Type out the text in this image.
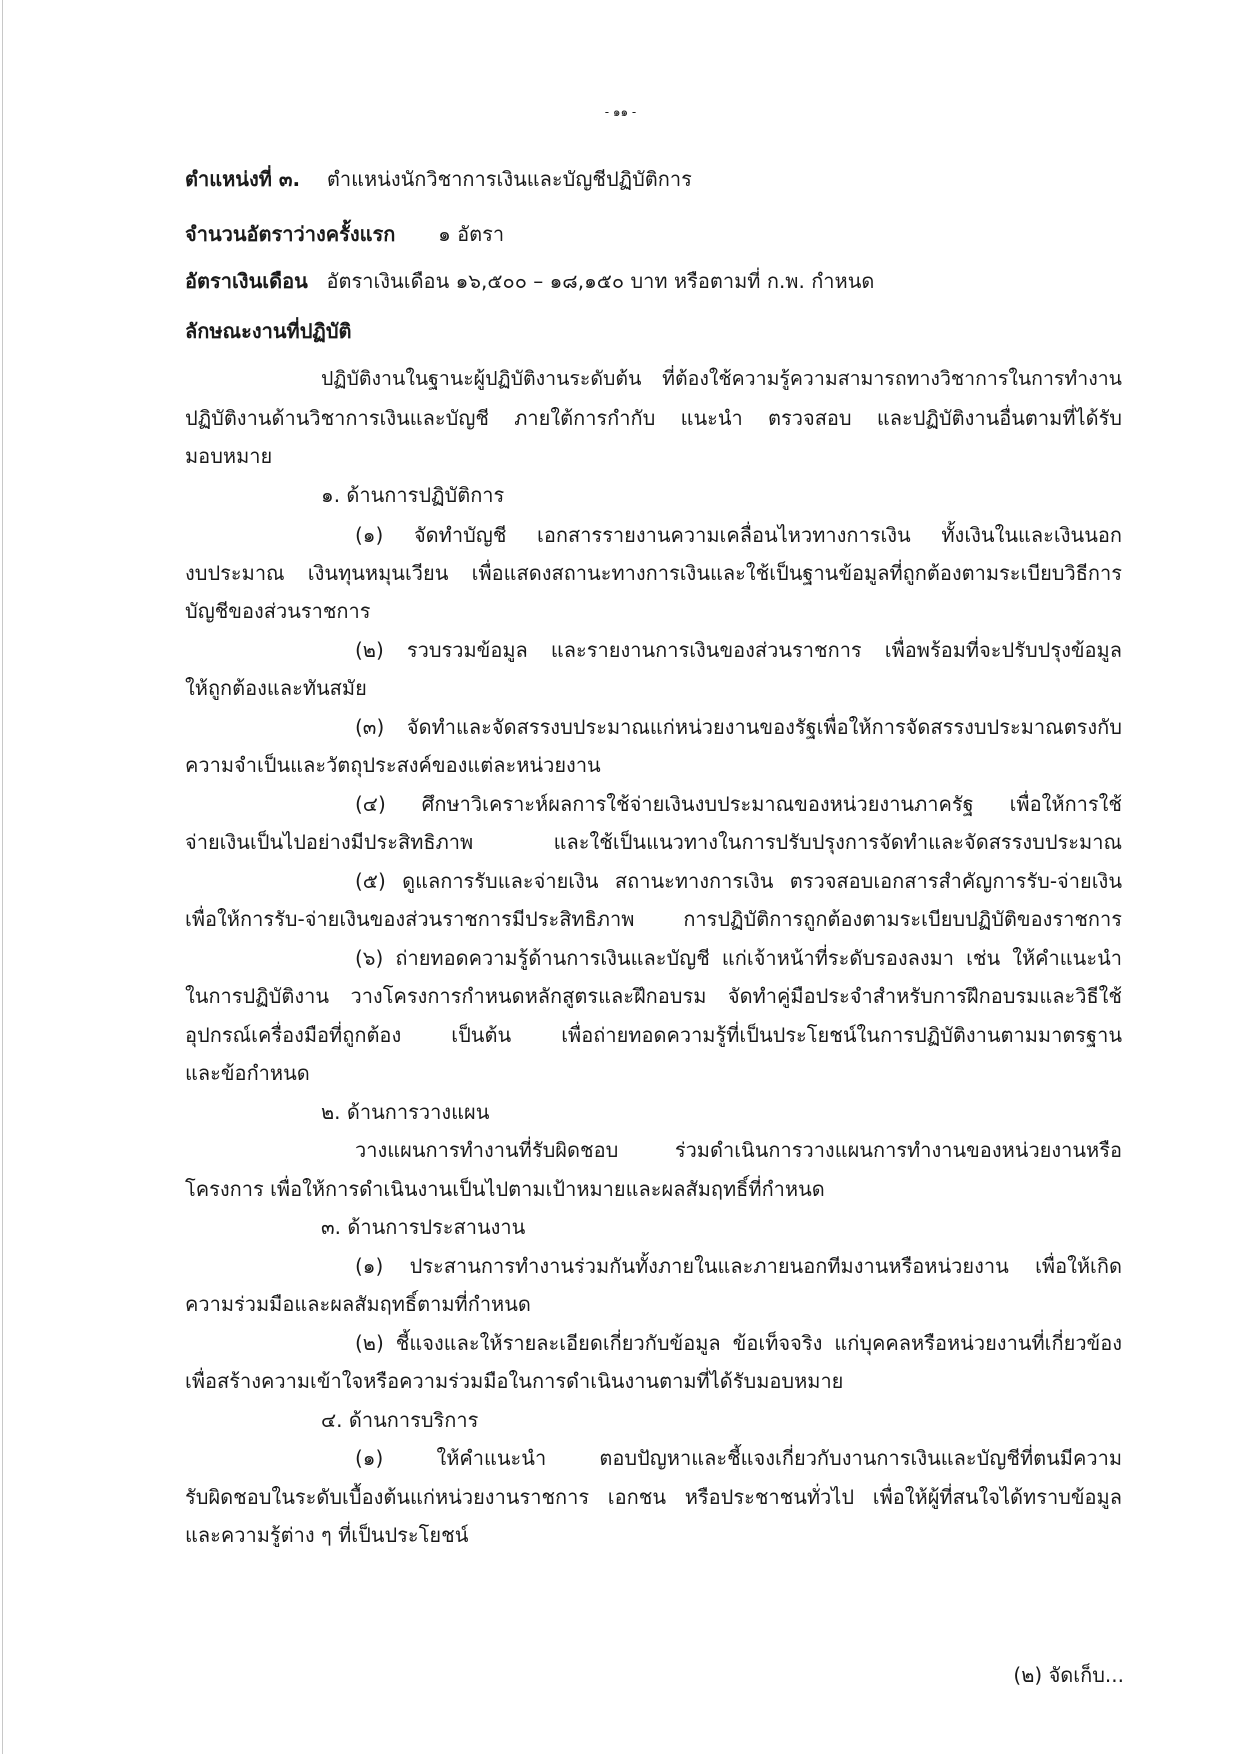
- ๑๑ -
ตำแหน่งที่ ๓. ตำแหน่งนักวิชาการเงินและบัญชีปฏิบัติการ
จำนวนอัตราว่างครั้งแรก ๑ อัตรา
อัตราเงินเดือน อัตราเงินเดือน ๑๖,๕๐๐ – ๑๘,๑๕๐ บาท หรือตามที่ ก.พ. กำหนด
ลักษณะงานที่ปฏิบัติ
ปฏิบัติงานในฐานะผู้ปฏิบัติงานระดับต้น ที่ต้องใช้ความรู้ความสามารถทางวิชาการในการทำงาน
ปฏิบัติงานด้านวิชาการเงินและบัญชี ภายใต้การกำกับ แนะนำ ตรวจสอบ และปฏิบัติงานอื่นตามที่ได้รับ
มอบหมาย
๑. ด้านการปฏิบัติการ
(๑) จัดทำบัญชี เอกสารรายงานความเคลื่อนไหวทางการเงิน ทั้งเงินในและเงินนอก
งบประมาณ เงินทุนหมุนเวียน เพื่อแสดงสถานะทางการเงินและใช้เป็นฐานข้อมูลที่ถูกต้องตามระเบียบวิธีการ
บัญชีของส่วนราชการ
(๒) รวบรวมข้อมูล และรายงานการเงินของส่วนราชการ เพื่อพร้อมที่จะปรับปรุงข้อมูล
ให้ถูกต้องและทันสมัย
(๓) จัดทำและจัดสรรงบประมาณแก่หน่วยงานของรัฐเพื่อให้การจัดสรรงบประมาณตรงกับ
ความจำเป็นและวัตถุประสงค์ของแต่ละหน่วยงาน
(๔) ศึกษาวิเคราะห์ผลการใช้จ่ายเงินงบประมาณของหน่วยงานภาครัฐ เพื่อให้การใช้
จ่ายเงินเป็นไปอย่างมีประสิทธิภาพ และใช้เป็นแนวทางในการปรับปรุงการจัดทำและจัดสรรงบประมาณ
(๕) ดูแลการรับและจ่ายเงิน สถานะทางการเงิน ตรวจสอบเอกสารสำคัญการรับ-จ่ายเงิน
เพื่อให้การรับ-จ่ายเงินของส่วนราชการมีประสิทธิภาพ การปฏิบัติการถูกต้องตามระเบียบปฏิบัติของราชการ
(๖) ถ่ายทอดความรู้ด้านการเงินและบัญชี แก่เจ้าหน้าที่ระดับรองลงมา เช่น ให้คำแนะนำ
ในการปฏิบัติงาน วางโครงการกำหนดหลักสูตรและฝึกอบรม จัดทำคู่มือประจำสำหรับการฝึกอบรมและวิธีใช้
อุปกรณ์เครื่องมือที่ถูกต้อง เป็นต้น เพื่อถ่ายทอดความรู้ที่เป็นประโยชน์ในการปฏิบัติงานตามมาตรฐาน
และข้อกำหนด
๒. ด้านการวางแผน
วางแผนการทำงานที่รับผิดชอบ ร่วมดำเนินการวางแผนการทำงานของหน่วยงานหรือ
โครงการ เพื่อให้การดำเนินงานเป็นไปตามเป้าหมายและผลสัมฤทธิ์ที่กำหนด
๓. ด้านการประสานงาน
(๑) ประสานการทำงานร่วมกันทั้งภายในและภายนอกทีมงานหรือหน่วยงาน เพื่อให้เกิด
ความร่วมมือและผลสัมฤทธิ์ตามที่กำหนด
(๒) ชี้แจงและให้รายละเอียดเกี่ยวกับข้อมูล ข้อเท็จจริง แก่บุคคลหรือหน่วยงานที่เกี่ยวข้อง
เพื่อสร้างความเข้าใจหรือความร่วมมือในการดำเนินงานตามที่ได้รับมอบหมาย
๔. ด้านการบริการ
(๑) ให้คำแนะนำ ตอบปัญหาและชี้แจงเกี่ยวกับงานการเงินและบัญชีที่ตนมีความ
รับผิดชอบในระดับเบื้องต้นแก่หน่วยงานราชการ เอกชน หรือประชาชนทั่วไป เพื่อให้ผู้ที่สนใจได้ทราบข้อมูล
และความรู้ต่าง ๆ ที่เป็นประโยชน์
(๒) จัดเก็บ...
